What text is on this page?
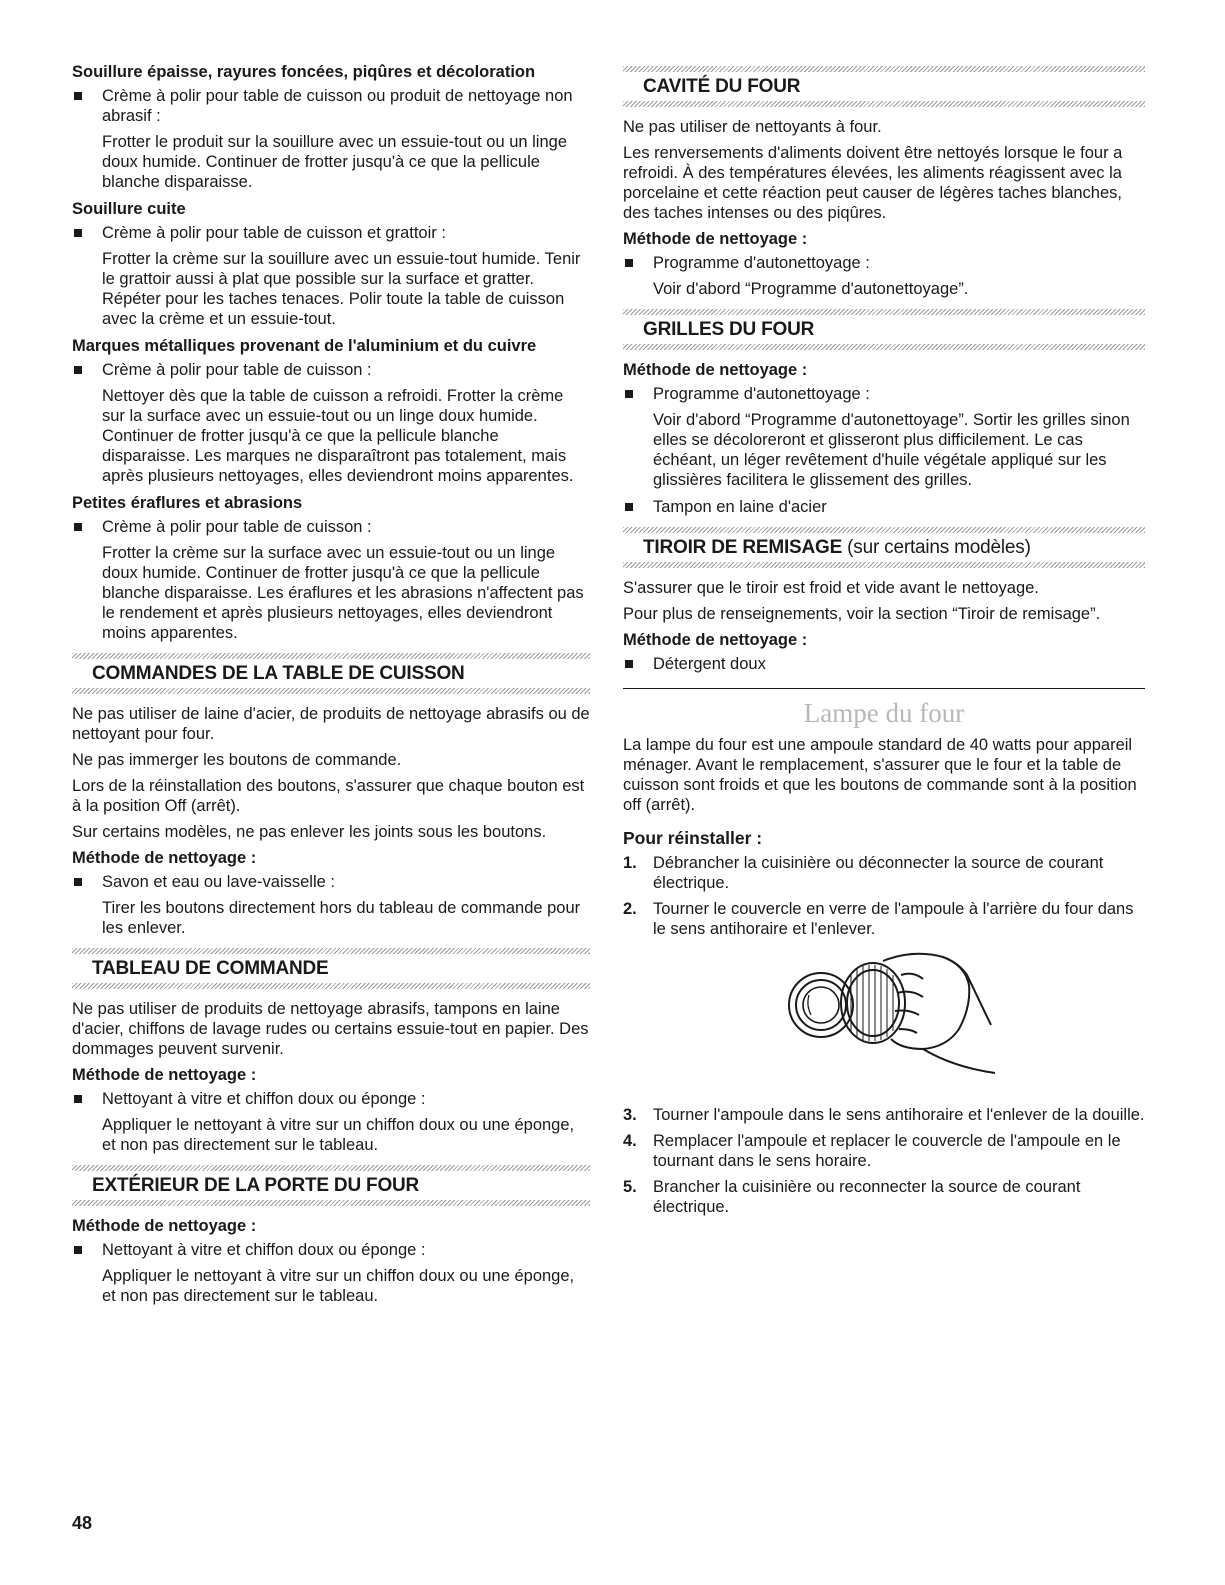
Souillure épaisse, rayures foncées, piqûres et décoloration
Crème à polir pour table de cuisson ou produit de nettoyage non abrasif :
Frotter le produit sur la souillure avec un essuie-tout ou un linge doux humide. Continuer de frotter jusqu'à ce que la pellicule blanche disparaisse.
Souillure cuite
Crème à polir pour table de cuisson et grattoir :
Frotter la crème sur la souillure avec un essuie-tout humide. Tenir le grattoir aussi à plat que possible sur la surface et gratter. Répéter pour les taches tenaces. Polir toute la table de cuisson avec la crème et un essuie-tout.
Marques métalliques provenant de l'aluminium et du cuivre
Crème à polir pour table de cuisson :
Nettoyer dès que la table de cuisson a refroidi. Frotter la crème sur la surface avec un essuie-tout ou un linge doux humide. Continuer de frotter jusqu'à ce que la pellicule blanche disparaisse. Les marques ne disparaîtront pas totalement, mais après plusieurs nettoyages, elles deviendront moins apparentes.
Petites éraflures et abrasions
Crème à polir pour table de cuisson :
Frotter la crème sur la surface avec un essuie-tout ou un linge doux humide. Continuer de frotter jusqu'à ce que la pellicule blanche disparaisse. Les éraflures et les abrasions n'affectent pas le rendement et après plusieurs nettoyages, elles deviendront moins apparentes.
COMMANDES DE LA TABLE DE CUISSON
Ne pas utiliser de laine d'acier, de produits de nettoyage abrasifs ou de nettoyant pour four.
Ne pas immerger les boutons de commande.
Lors de la réinstallation des boutons, s'assurer que chaque bouton est à la position Off (arrêt).
Sur certains modèles, ne pas enlever les joints sous les boutons.
Méthode de nettoyage :
Savon et eau ou lave-vaisselle :
Tirer les boutons directement hors du tableau de commande pour les enlever.
TABLEAU DE COMMANDE
Ne pas utiliser de produits de nettoyage abrasifs, tampons en laine d'acier, chiffons de lavage rudes ou certains essuie-tout en papier. Des dommages peuvent survenir.
Méthode de nettoyage :
Nettoyant à vitre et chiffon doux ou éponge :
Appliquer le nettoyant à vitre sur un chiffon doux ou une éponge, et non pas directement sur le tableau.
EXTÉRIEUR DE LA PORTE DU FOUR
Méthode de nettoyage :
Nettoyant à vitre et chiffon doux ou éponge :
Appliquer le nettoyant à vitre sur un chiffon doux ou une éponge, et non pas directement sur le tableau.
CAVITÉ DU FOUR
Ne pas utiliser de nettoyants à four.
Les renversements d'aliments doivent être nettoyés lorsque le four a refroidi. À des températures élevées, les aliments réagissent avec la porcelaine et cette réaction peut causer de légères taches blanches, des taches intenses ou des piqûres.
Méthode de nettoyage :
Programme d'autonettoyage :
Voir d'abord “Programme d'autonettoyage”.
GRILLES DU FOUR
Méthode de nettoyage :
Programme d'autonettoyage :
Voir d'abord “Programme d'autonettoyage”. Sortir les grilles sinon elles se décoloreront et glisseront plus difficilement. Le cas échéant, un léger revêtement d'huile végétale appliqué sur les glissières facilitera le glissement des grilles.
Tampon en laine d'acier
TIROIR DE REMISAGE (sur certains modèles)
S'assurer que le tiroir est froid et vide avant le nettoyage.
Pour plus de renseignements, voir la section “Tiroir de remisage”.
Méthode de nettoyage :
Détergent doux
Lampe du four
La lampe du four est une ampoule standard de 40 watts pour appareil ménager. Avant le remplacement, s'assurer que le four et la table de cuisson sont froids et que les boutons de commande sont à la position off (arrêt).
Pour réinstaller :
1. Débrancher la cuisinière ou déconnecter la source de courant électrique.
2. Tourner le couvercle en verre de l'ampoule à l'arrière du four dans le sens antihoraire et l'enlever.
3. Tourner l'ampoule dans le sens antihoraire et l'enlever de la douille.
4. Remplacer l'ampoule et replacer le couvercle de l'ampoule en le tournant dans le sens horaire.
5. Brancher la cuisinière ou reconnecter la source de courant électrique.
48
